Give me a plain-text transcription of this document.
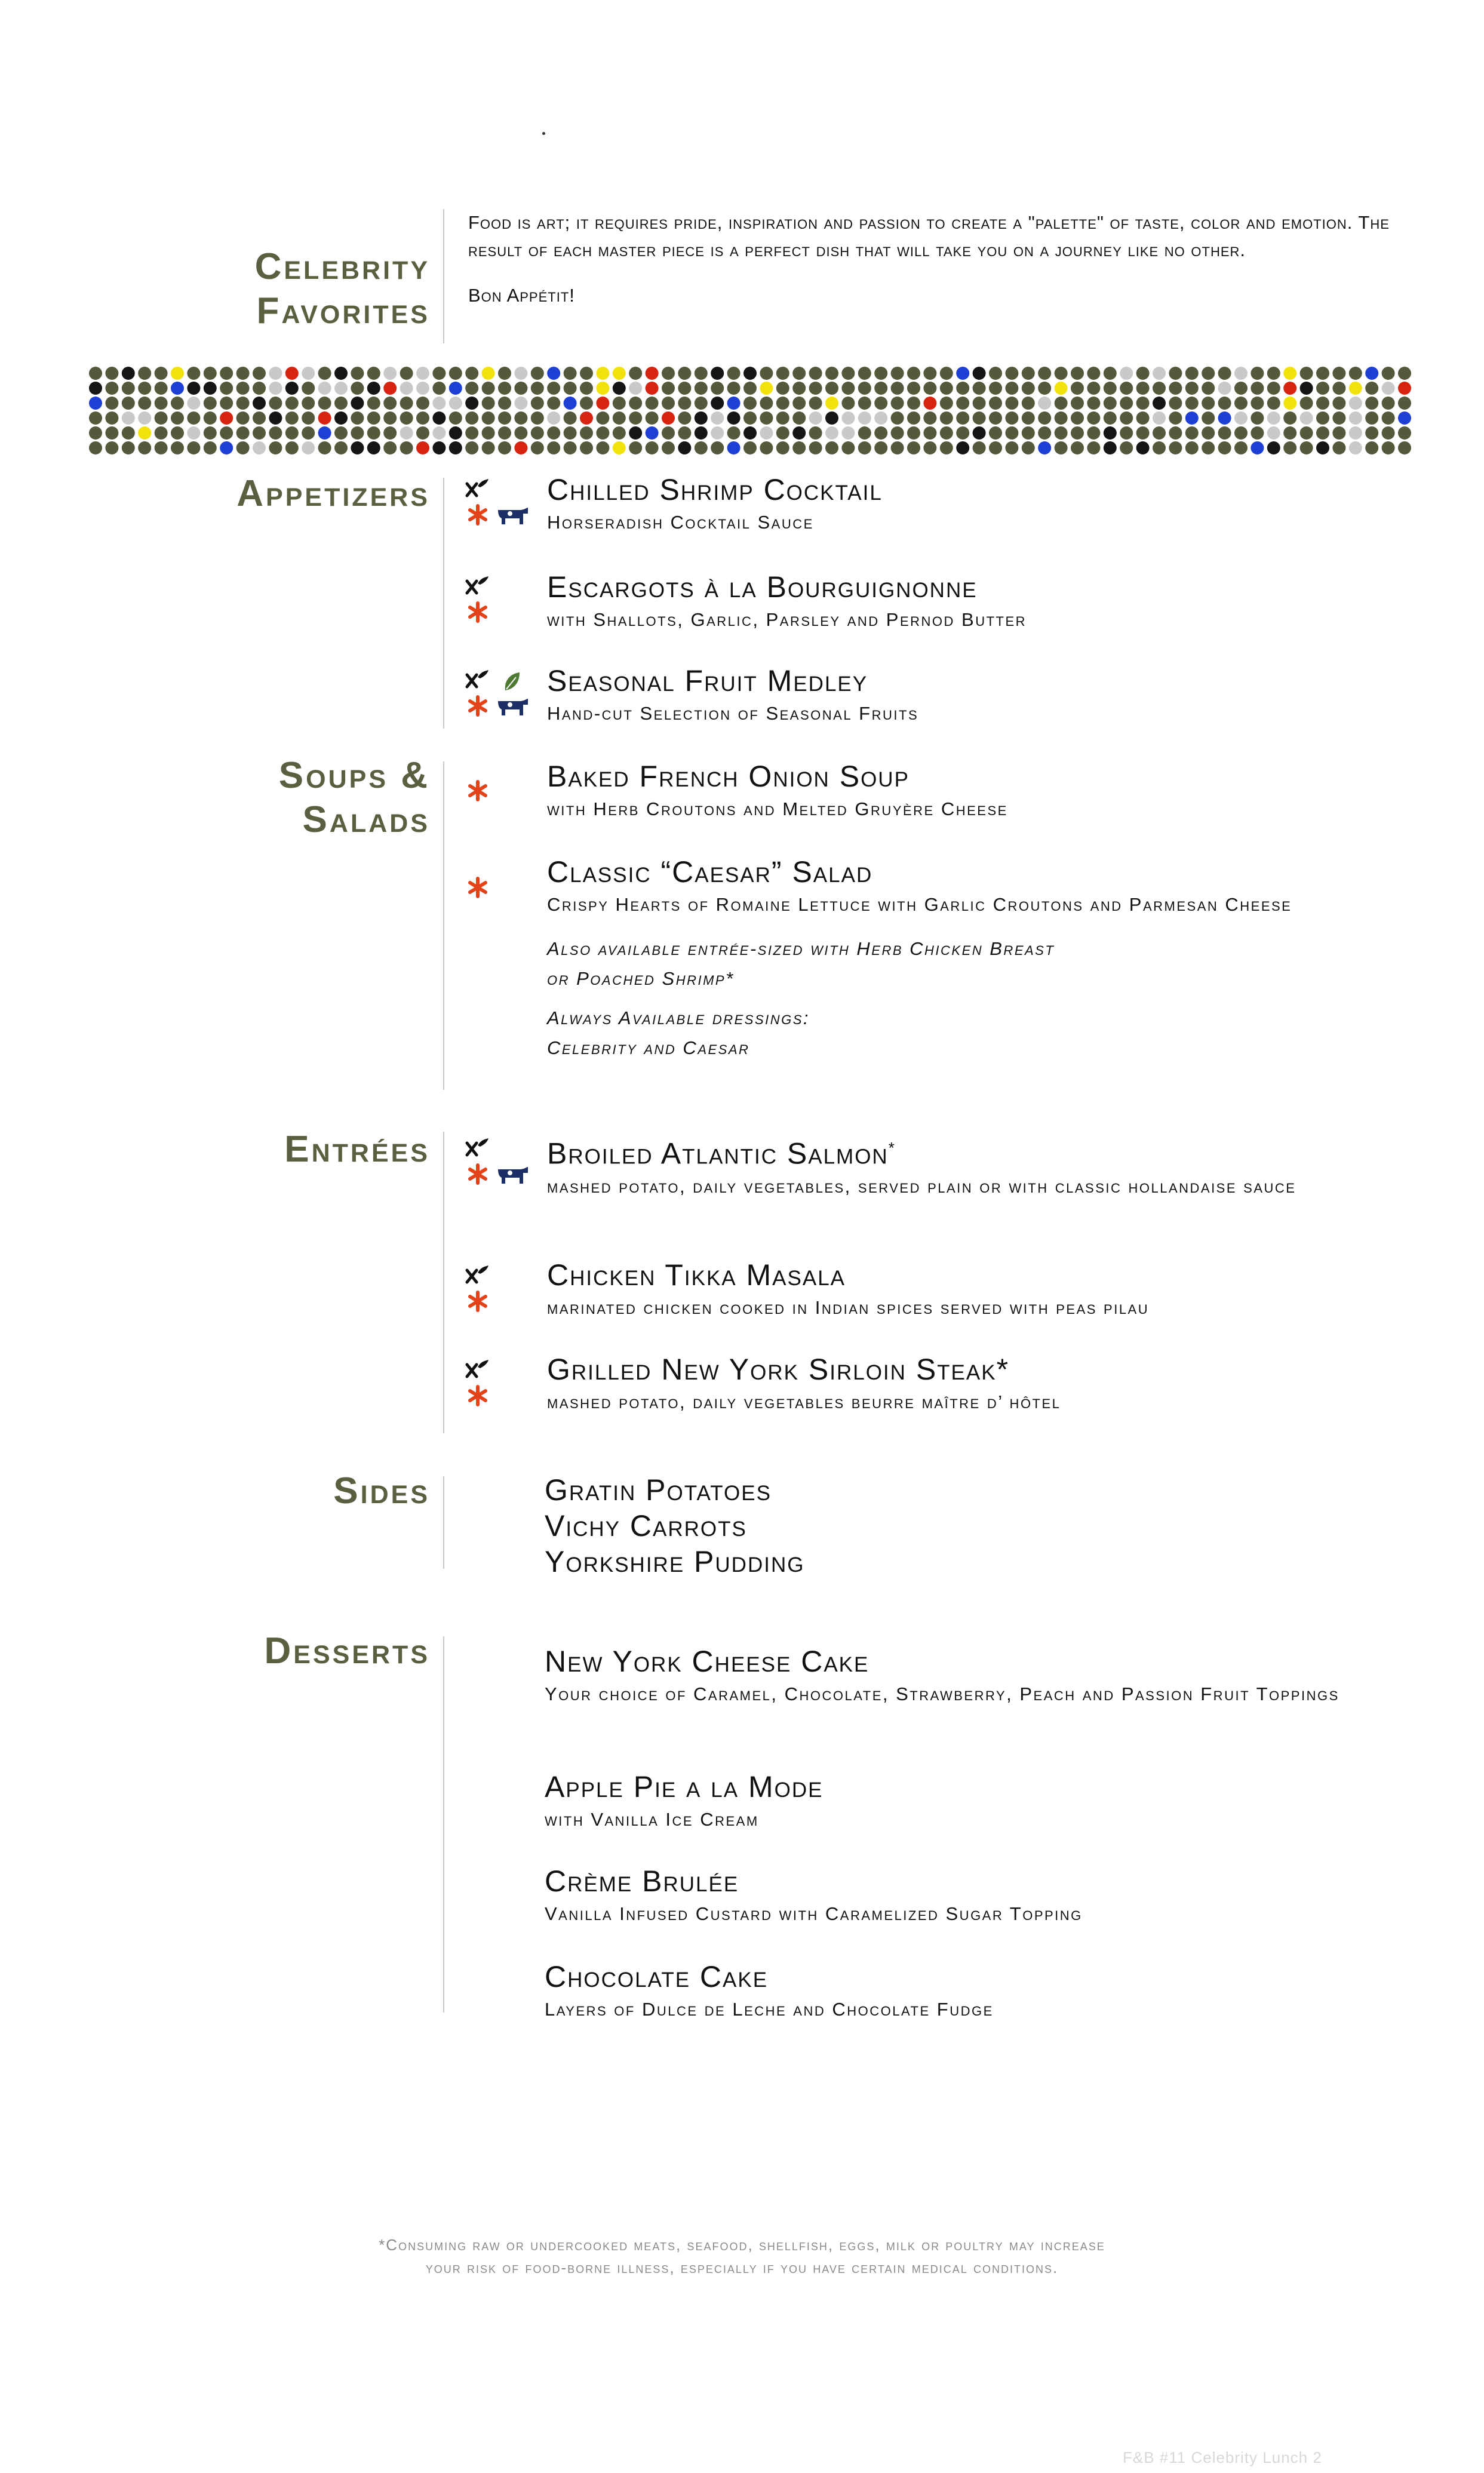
Celebrity
Favorites

Food is art; it requires pride, inspiration and passion to create a "palette" of taste, color and emotion. The result of each master piece is a perfect dish that will take you on a journey like no other.

Bon Appétit!

Appetizers	Chilled Shrimp Cocktail
Horseradish Cocktail Sauce
Escargots à la Bourguignonne
with Shallots, Garlic, Parsley and Pernod Butter
Seasonal Fruit Medley
Hand-cut Selection of Seasonal Fruits
Soups &
Salads
Baked French Onion Soup
with Herb Croutons and Melted Gruyère Cheese
Classic “Caesar” Salad
Crispy Hearts of Romaine Lettuce with Garlic Croutons and Parmesan Cheese
Also available entrée-sized with Herb Chicken Breast
or Poached Shrimp*
Always Available dressings:
Celebrity and Caesar
Entrées	Broiled Atlantic Salmon*
mashed potato, daily vegetables, served plain or with classic hollandaise sauce
Chicken Tikka Masala
marinated chicken cooked in Indian spices served with peas pilau
Grilled New York Sirloin Steak*
mashed potato, daily vegetables beurre maître d’ hôtel
Sides	Gratin Potatoes
Vichy Carrots
Yorkshire Pudding
Desserts	New York Cheese Cake
Your choice of Caramel, Chocolate, Strawberry, Peach and Passion Fruit Toppings
Apple Pie a la Mode
with Vanilla Ice Cream
Crème Brulée
Vanilla Infused Custard with Caramelized Sugar Topping
Chocolate Cake
Layers of Dulce de Leche and Chocolate Fudge
*Consuming raw or undercooked meats, seafood, shellfish, eggs, milk or poultry may increase
your risk of food-borne illness, especially if you have certain medical conditions.
F&B #11 Celebrity Lunch 2
